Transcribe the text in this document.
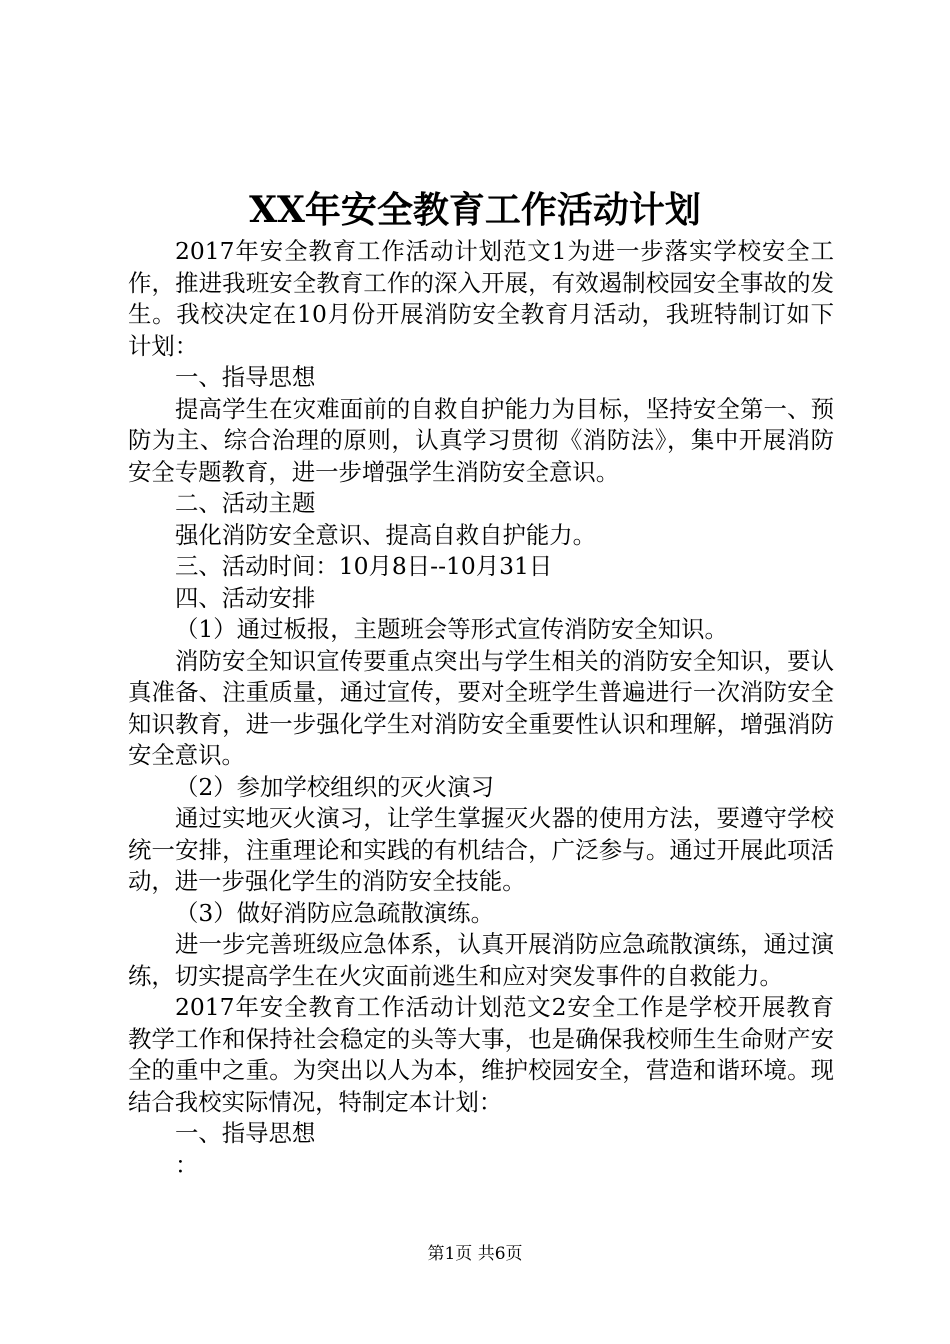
XX年安全教育工作活动计划

2017年安全教育工作活动计划范文1为进一步落实学校安全工作，推进我班安全教育工作的深入开展，有效遏制校园安全事故的发生。我校决定在10月份开展消防安全教育月活动，我班特制订如下计划：

一、指导思想

提高学生在灾难面前的自救自护能力为目标，坚持安全第一、预防为主、综合治理的原则，认真学习贯彻《消防法》，集中开展消防安全专题教育，进一步增强学生消防安全意识。

二、活动主题

强化消防安全意识、提高自救自护能力。

三、活动时间：10月8日--10月31日

四、活动安排

（1）通过板报，主题班会等形式宣传消防安全知识。

消防安全知识宣传要重点突出与学生相关的消防安全知识，要认真准备、注重质量，通过宣传，要对全班学生普遍进行一次消防安全知识教育，进一步强化学生对消防安全重要性认识和理解，增强消防安全意识。

（2）参加学校组织的灭火演习

通过实地灭火演习，让学生掌握灭火器的使用方法，要遵守学校统一安排，注重理论和实践的有机结合，广泛参与。通过开展此项活动，进一步强化学生的消防安全技能。

（3）做好消防应急疏散演练。

进一步完善班级应急体系，认真开展消防应急疏散演练，通过演练，切实提高学生在火灾面前逃生和应对突发事件的自救能力。

2017年安全教育工作活动计划范文2安全工作是学校开展教育教学工作和保持社会稳定的头等大事，也是确保我校师生生命财产安全的重中之重。为突出以人为本，维护校园安全，营造和谐环境。现结合我校实际情况，特制定本计划：

一、指导思想

：

第1页 共6页
